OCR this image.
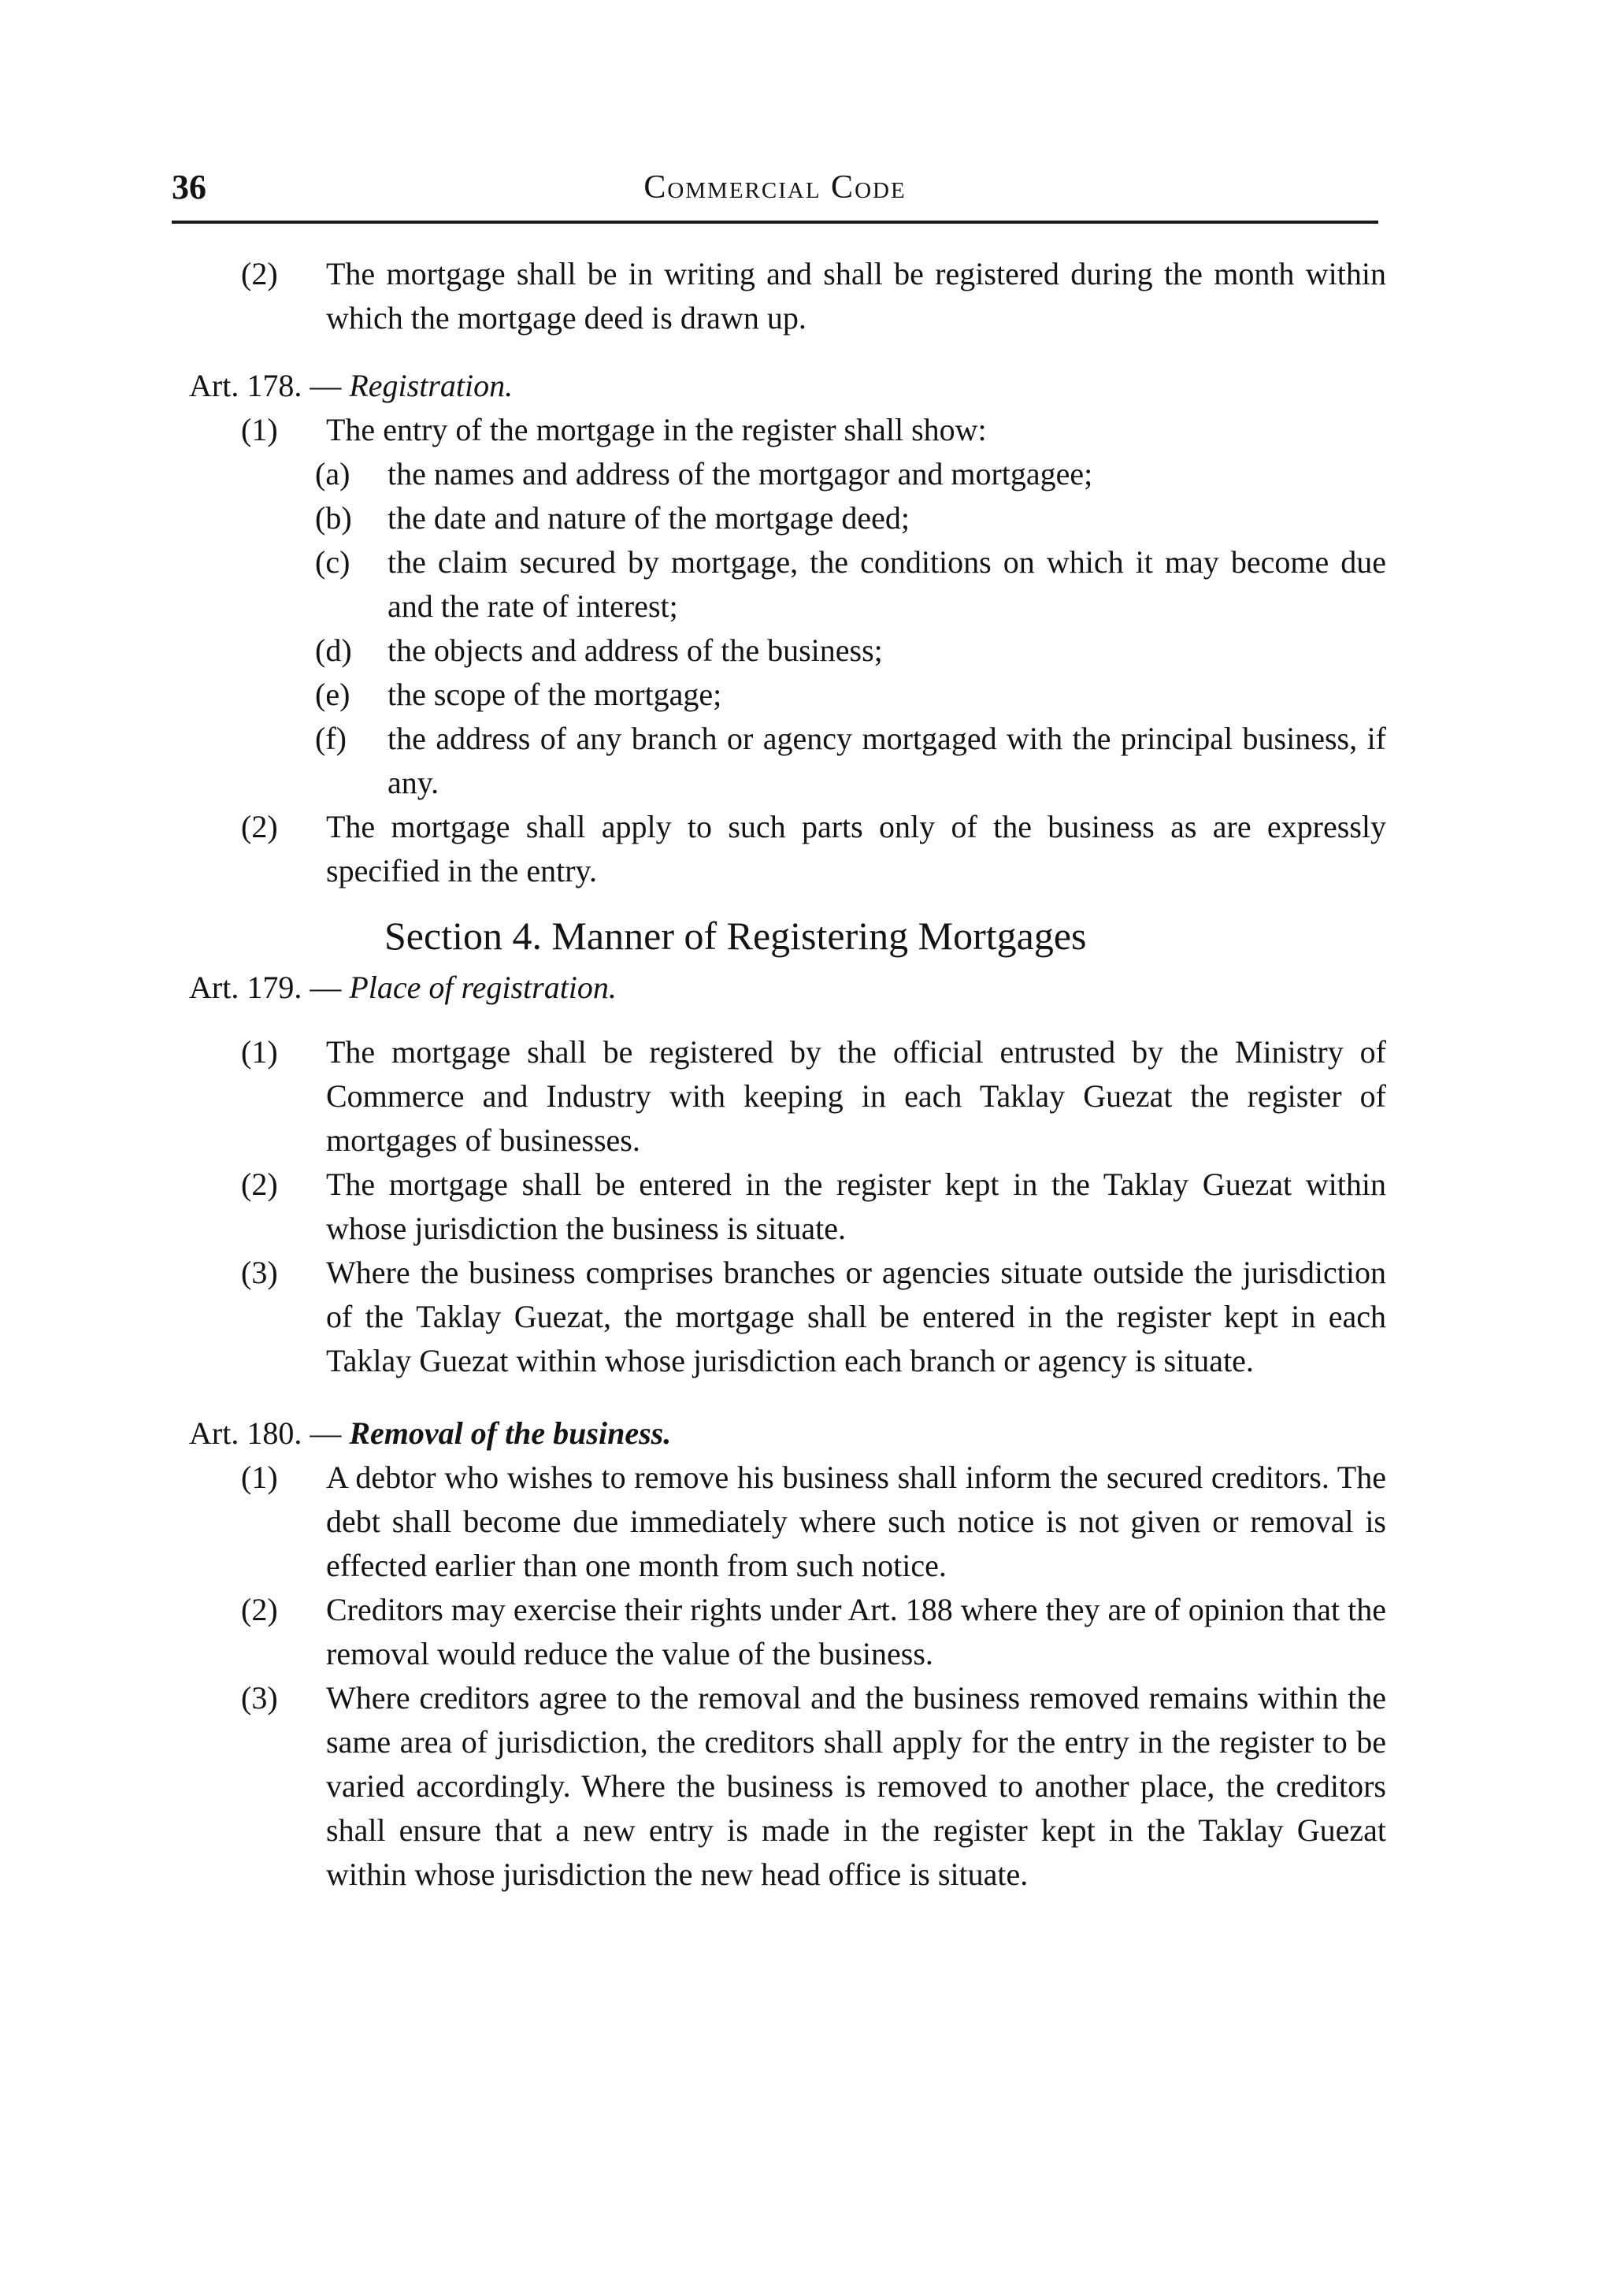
36	Commercial Code
(2)	The mortgage shall be in writing and shall be registered during the month within which the mortgage deed is drawn up.
Art. 178. — Registration.
(1)	The entry of the mortgage in the register shall show:
(a)	the names and address of the mortgagor and mortgagee;
(b)	the date and nature of the mortgage deed;
(c)	the claim secured by mortgage, the conditions on which it may become due and the rate of interest;
(d)	the objects and address of the business;
(e)	the scope of the mortgage;
(f)	the address of any branch or agency mortgaged with the principal business, if any.
(2)	The mortgage shall apply to such parts only of the business as are expressly specified in the entry.
Section 4. Manner of Registering Mortgages
Art. 179. — Place of registration.
(1)	The mortgage shall be registered by the official entrusted by the Ministry of Commerce and Industry with keeping in each Taklay Guezat the register of mortgages of businesses.
(2)	The mortgage shall be entered in the register kept in the Taklay Guezat within whose jurisdiction the business is situate.
(3)	Where the business comprises branches or agencies situate outside the jurisdiction of the Taklay Guezat, the mortgage shall be entered in the register kept in each Taklay Guezat within whose jurisdiction each branch or agency is situate.
Art. 180. — Removal of the business.
(1)	A debtor who wishes to remove his business shall inform the secured creditors. The debt shall become due immediately where such notice is not given or removal is effected earlier than one month from such notice.
(2)	Creditors may exercise their rights under Art. 188 where they are of opinion that the removal would reduce the value of the business.
(3)	Where creditors agree to the removal and the business removed remains within the same area of jurisdiction, the creditors shall apply for the entry in the register to be varied accordingly. Where the business is removed to another place, the creditors shall ensure that a new entry is made in the register kept in the Taklay Guezat within whose jurisdiction the new head office is situate.
